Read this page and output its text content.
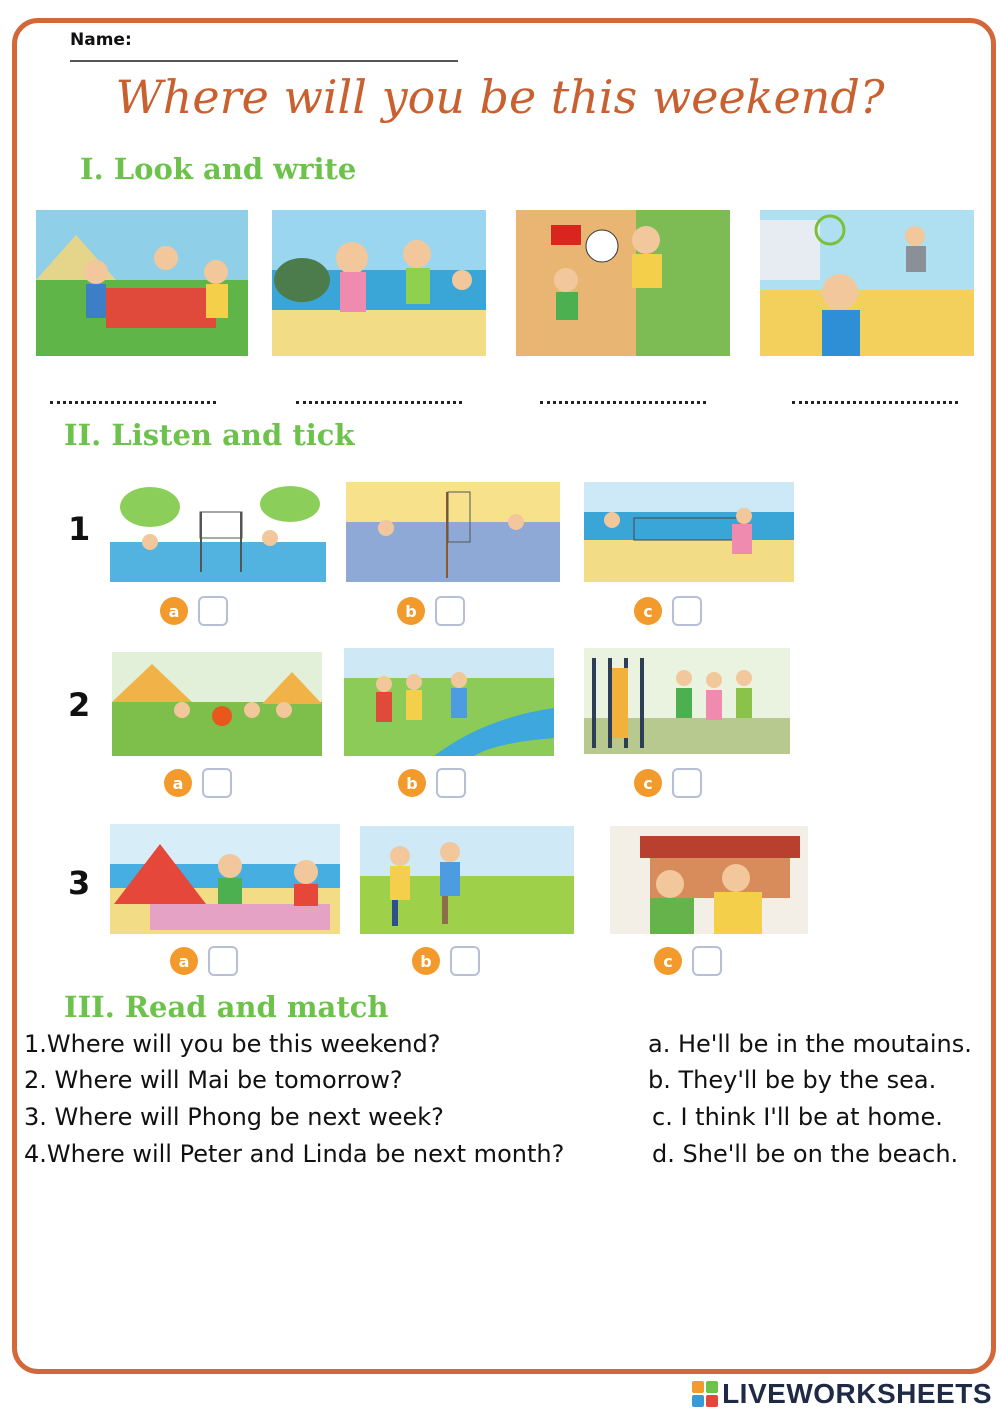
Name:
Where will you be this weekend?
I. Look and write
II. Listen and tick
1
a	b	c
2
a	b	c
3
a	b	c
III. Read and match
1.Where will you be this weekend?
2. Where will Mai be tomorrow?
3. Where will Phong be next week?
4.Where will Peter and Linda be next month?
a. He'll be in the moutains.
b. They'll be by the sea.
c. I think I'll be at home.
d. She'll be on the beach.
LIVEWORKSHEETS
